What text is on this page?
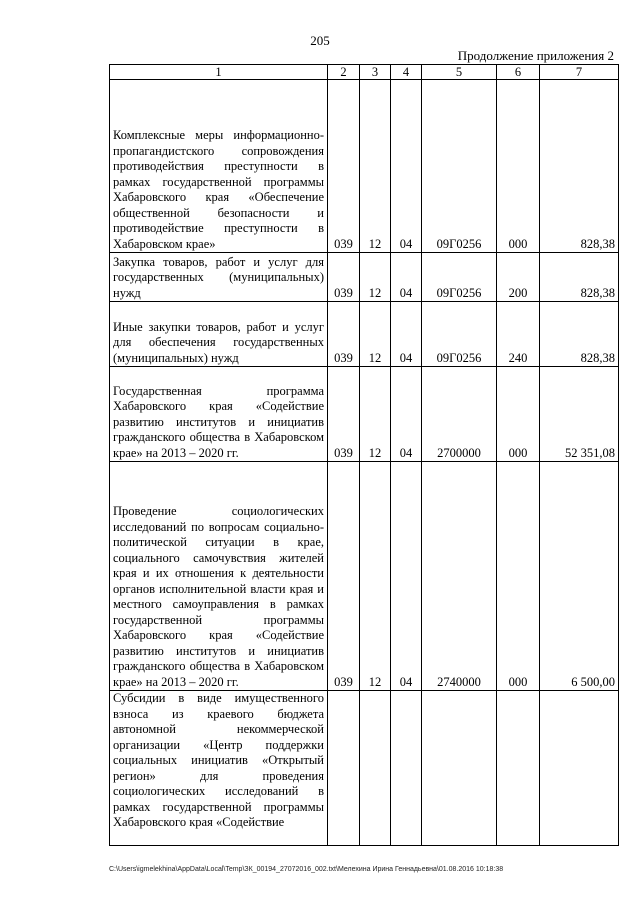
205
Продолжение приложения 2
1	2	3	4	5	6	7
Комплексные меры информационно-пропагандистского сопровождения противодействия преступности в рамках государственной программы Хабаровского края «Обеспечение общественной безопасности и противодействие преступности в Хабаровском крае»	039	12	04	09Г0256	000	828,38
Закупка товаров, работ и услуг для государственных (муниципальных) нужд	039	12	04	09Г0256	200	828,38
Иные закупки товаров, работ и услуг для обеспечения государственных (муниципальных) нужд	039	12	04	09Г0256	240	828,38
Государственная программа Хабаровского края «Содействие развитию институтов и инициатив гражданского общества в Хабаровском крае» на 2013 – 2020 гг.	039	12	04	2700000	000	52 351,08
Проведение социологических исследований по вопросам социально-политической ситуации в крае, социального самочувствия жителей края и их отношения к деятельности органов исполнительной власти края и местного самоуправления в рамках государственной программы Хабаровского края «Содействие развитию институтов и инициатив гражданского общества в Хабаровском крае» на 2013 – 2020 гг.	039	12	04	2740000	000	6 500,00
Субсидии в виде имущественного взноса из краевого бюджета автономной некоммерческой организации «Центр поддержки социальных инициатив «Открытый регион» для проведения социологических исследований в рамках государственной программы Хабаровского края «Содействие						
C:\Users\igmelekhina\AppData\Local\Temp\ЗК_00194_27072016_002.txt\Мелехина Ирина Геннадьевна\01.08.2016 10:18:38
